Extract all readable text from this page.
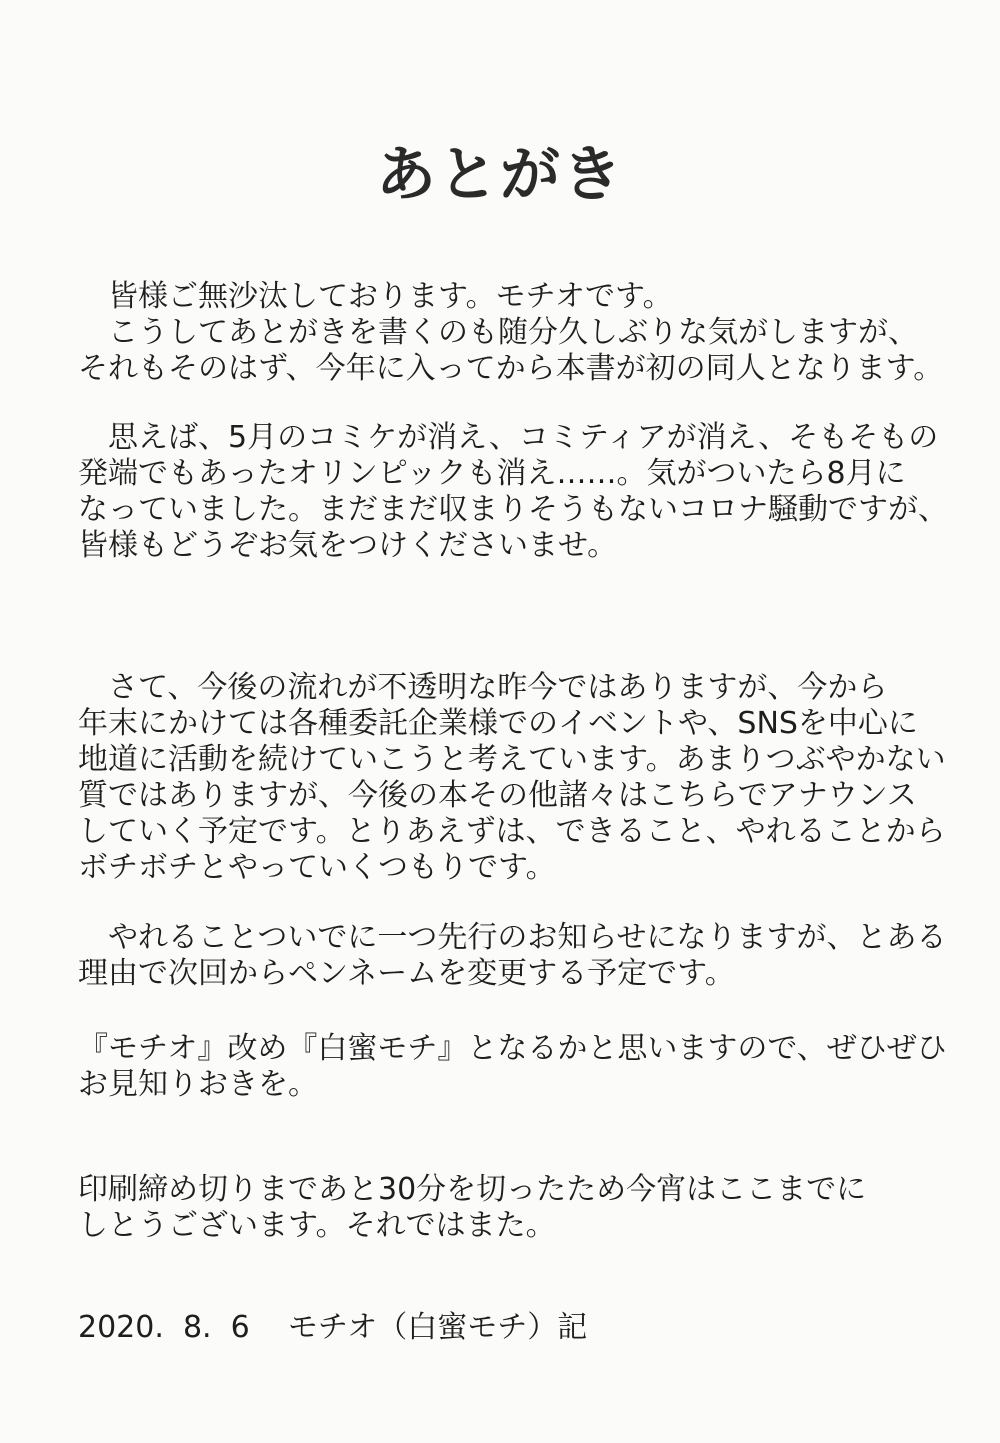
あとがき
皆様ご無沙汰しております。モチオです。
こうしてあとがきを書くのも随分久しぶりな気がしますが、
それもそのはず、今年に入ってから本書が初の同人となります。
思えば、5月のコミケが消え、コミティアが消え、そもそもの
発端でもあったオリンピックも消え……。気がついたら8月に
なっていました。まだまだ収まりそうもないコロナ騒動ですが、
皆様もどうぞお気をつけくださいませ。
さて、今後の流れが不透明な昨今ではありますが、今から
年末にかけては各種委託企業様でのイベントや、SNSを中心に
地道に活動を続けていこうと考えています。あまりつぶやかない
質ではありますが、今後の本その他諸々はこちらでアナウンス
していく予定です。とりあえずは、できること、やれることから
ボチボチとやっていくつもりです。
やれることついでに一つ先行のお知らせになりますが、とある
理由で次回からペンネームを変更する予定です。
『モチオ』改め『白蜜モチ』となるかと思いますので、ぜひぜひ
お見知りおきを。
印刷締め切りまであと30分を切ったため今宵はここまでに
しとうございます。それではまた。
2020.  8.  6    モチオ（白蜜モチ）記
